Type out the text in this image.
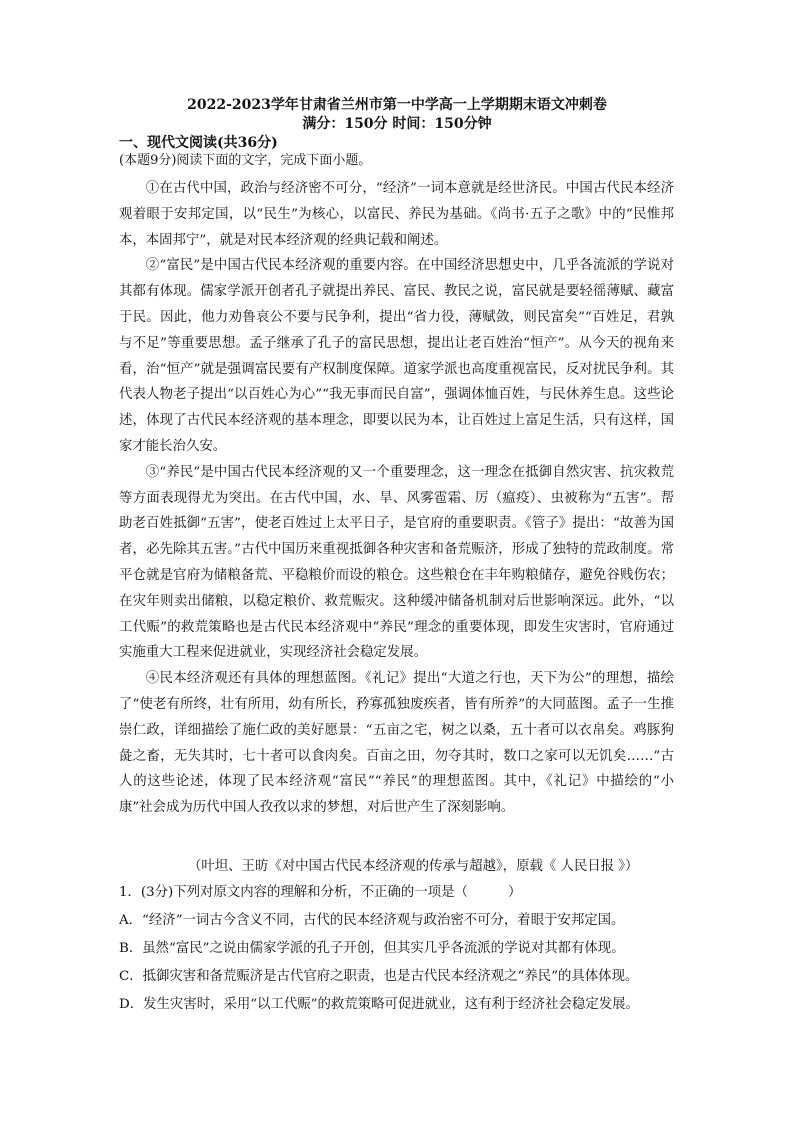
2022-2023学年甘肃省兰州市第一中学高一上学期期末语文冲刺卷
满分：150分 时间：150分钟
一、现代文阅读(共36分)
(本题9分)阅读下面的文字，完成下面小题。

①在古代中国，政治与经济密不可分，“经济”一词本意就是经世济民。中国古代民本经济观着眼于安邦定国，以“民生”为核心，以富民、养民为基础。《尚书·五子之歌》中的“民惟邦本，本固邦宁”，就是对民本经济观的经典记载和阐述。

②“富民”是中国古代民本经济观的重要内容。在中国经济思想史中，几乎各流派的学说对其都有体现。儒家学派开创者孔子就提出养民、富民、教民之说，富民就是要轻徭薄赋、藏富于民。因此，他力劝鲁哀公不要与民争利，提出“省力役，薄赋敛，则民富矣”“百姓足，君孰与不足”等重要思想。孟子继承了孔子的富民思想，提出让老百姓治“恒产”。从今天的视角来看，治“恒产”就是强调富民要有产权制度保障。道家学派也高度重视富民，反对扰民争利。其代表人物老子提出“以百姓心为心”“我无事而民自富”，强调体恤百姓，与民休养生息。这些论述，体现了古代民本经济观的基本理念，即要以民为本，让百姓过上富足生活，只有这样，国家才能长治久安。

③“养民”是中国古代民本经济观的又一个重要理念，这一理念在抵御自然灾害、抗灾救荒等方面表现得尤为突出。在古代中国，水、旱、风雾雹霜、厉（瘟疫）、虫被称为“五害”。帮助老百姓抵御“五害”，使老百姓过上太平日子，是官府的重要职责。《管子》提出：“故善为国者，必先除其五害。”古代中国历来重视抵御各种灾害和备荒赈济，形成了独特的荒政制度。常平仓就是官府为储粮备荒、平稳粮价而设的粮仓。这些粮仓在丰年购粮储存，避免谷贱伤农；在灾年则卖出储粮，以稳定粮价、救荒赈灾。这种缓冲储备机制对后世影响深远。此外，“以工代赈”的救荒策略也是古代民本经济观中“养民”理念的重要体现，即发生灾害时，官府通过实施重大工程来促进就业，实现经济社会稳定发展。

④民本经济观还有具体的理想蓝图。《礼记》提出“大道之行也，天下为公”的理想，描绘了“使老有所终，壮有所用，幼有所长，矜寡孤独废疾者，皆有所养”的大同蓝图。孟子一生推崇仁政，详细描绘了施仁政的美好愿景：“五亩之宅，树之以桑，五十者可以衣帛矣。鸡豚狗彘之畜，无失其时，七十者可以食肉矣。百亩之田，勿夺其时，数口之家可以无饥矣……”古人的这些论述，体现了民本经济观“富民”“养民”的理想蓝图。其中，《礼记》中描绘的“小康”社会成为历代中国人孜孜以求的梦想，对后世产生了深刻影响。

（叶坦、王昉《对中国古代民本经济观的传承与超越》，原载《 人民日报 》）
1．(3分)下列对原文内容的理解和分析，不正确的一项是（　　　）
A．“经济”一词古今含义不同，古代的民本经济观与政治密不可分，着眼于安邦定国。
B．虽然“富民”之说由儒家学派的孔子开创，但其实几乎各流派的学说对其都有体现。
C．抵御灾害和备荒赈济是古代官府之职责，也是古代民本经济观之“养民”的具体体现。
D．发生灾害时，采用“以工代赈”的救荒策略可促进就业，这有利于经济社会稳定发展。
